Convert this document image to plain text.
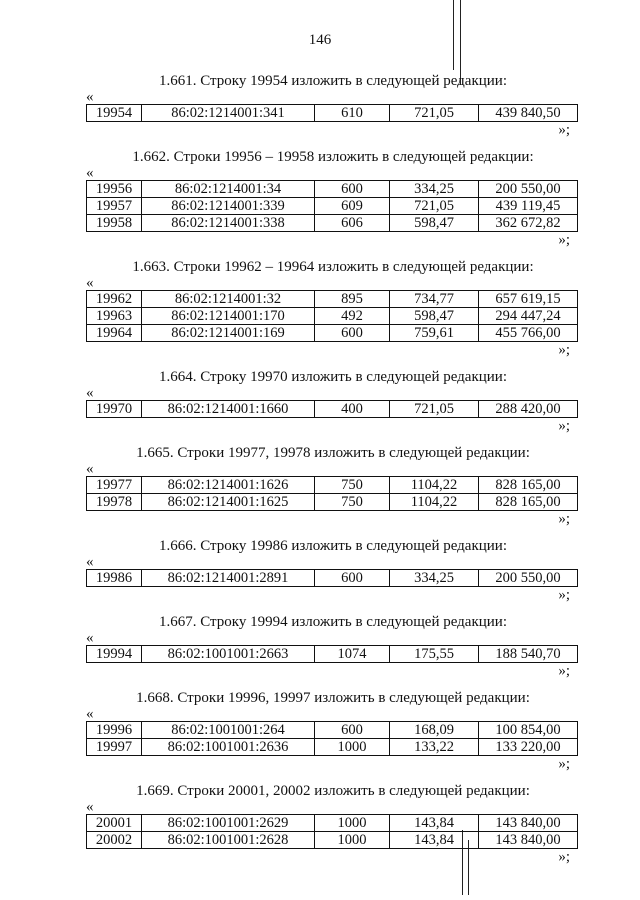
146
1.661. Строку 19954 изложить в следующей редакции:
«
19954	86:02:1214001:341	610	721,05	439 840,50
»;
1.662. Строки 19956 – 19958 изложить в следующей редакции:
«
19956	86:02:1214001:34	600	334,25	200 550,00
19957	86:02:1214001:339	609	721,05	439 119,45
19958	86:02:1214001:338	606	598,47	362 672,82
»;
1.663. Строки 19962 – 19964 изложить в следующей редакции:
«
19962	86:02:1214001:32	895	734,77	657 619,15
19963	86:02:1214001:170	492	598,47	294 447,24
19964	86:02:1214001:169	600	759,61	455 766,00
»;
1.664. Строку 19970 изложить в следующей редакции:
«
19970	86:02:1214001:1660	400	721,05	288 420,00
»;
1.665. Строки 19977, 19978 изложить в следующей редакции:
«
19977	86:02:1214001:1626	750	1104,22	828 165,00
19978	86:02:1214001:1625	750	1104,22	828 165,00
»;
1.666. Строку 19986 изложить в следующей редакции:
«
19986	86:02:1214001:2891	600	334,25	200 550,00
»;
1.667. Строку 19994 изложить в следующей редакции:
«
19994	86:02:1001001:2663	1074	175,55	188 540,70
»;
1.668. Строки 19996, 19997 изложить в следующей редакции:
«
19996	86:02:1001001:264	600	168,09	100 854,00
19997	86:02:1001001:2636	1000	133,22	133 220,00
»;
1.669. Строки 20001, 20002 изложить в следующей редакции:
«
20001	86:02:1001001:2629	1000	143,84	143 840,00
20002	86:02:1001001:2628	1000	143,84	143 840,00
»;
